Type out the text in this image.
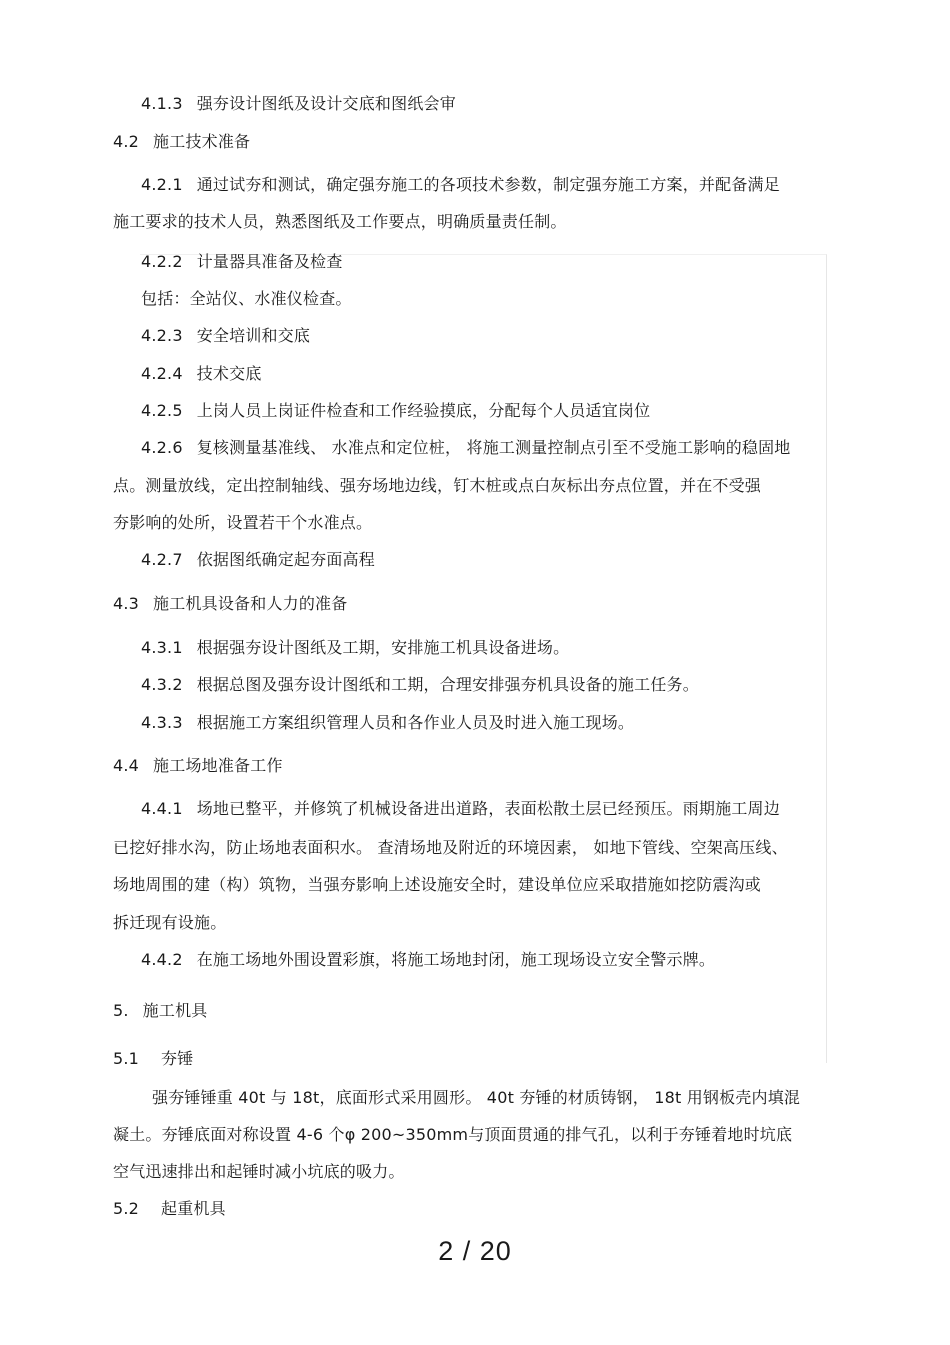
4.1.3 强夯设计图纸及设计交底和图纸会审
4.2 施工技术准备
4.2.1 通过试夯和测试，确定强夯施工的各项技术参数，制定强夯施工方案，并配备满足
施工要求的技术人员，熟悉图纸及工作要点，明确质量责任制。
4.2.2 计量器具准备及检查
包括：全站仪、水准仪检查。
4.2.3 安全培训和交底
4.2.4 技术交底
4.2.5 上岗人员上岗证件检查和工作经验摸底，分配每个人员适宜岗位
4.2.6 复核测量基准线、 水准点和定位桩， 将施工测量控制点引至不受施工影响的稳固地
点。测量放线，定出控制轴线、强夯场地边线，钉木桩或点白灰标出夯点位置，并在不受强
夯影响的处所，设置若干个水准点。
4.2.7 依据图纸确定起夯面高程
4.3 施工机具设备和人力的准备
4.3.1 根据强夯设计图纸及工期，安排施工机具设备进场。
4.3.2 根据总图及强夯设计图纸和工期，合理安排强夯机具设备的施工任务。
4.3.3 根据施工方案组织管理人员和各作业人员及时进入施工现场。
4.4 施工场地准备工作
4.4.1 场地已整平，并修筑了机械设备进出道路，表面松散土层已经预压。雨期施工周边
已挖好排水沟，防止场地表面积水。 查清场地及附近的环境因素， 如地下管线、空架高压线、
场地周围的建（构）筑物，当强夯影响上述设施安全时，建设单位应采取措施如挖防震沟或
拆迁现有设施。
4.4.2 在施工场地外围设置彩旗，将施工场地封闭，施工现场设立安全警示牌。
5. 施工机具
5.1 夯锤
强夯锤锤重 40t 与 18t，底面形式采用圆形。 40t 夯锤的材质铸钢， 18t 用钢板壳内填混
凝土。夯锤底面对称设置 4-6 个φ 200~350mm与顶面贯通的排气孔，以利于夯锤着地时坑底
空气迅速排出和起锤时减小坑底的吸力。
5.2 起重机具
2 / 20
